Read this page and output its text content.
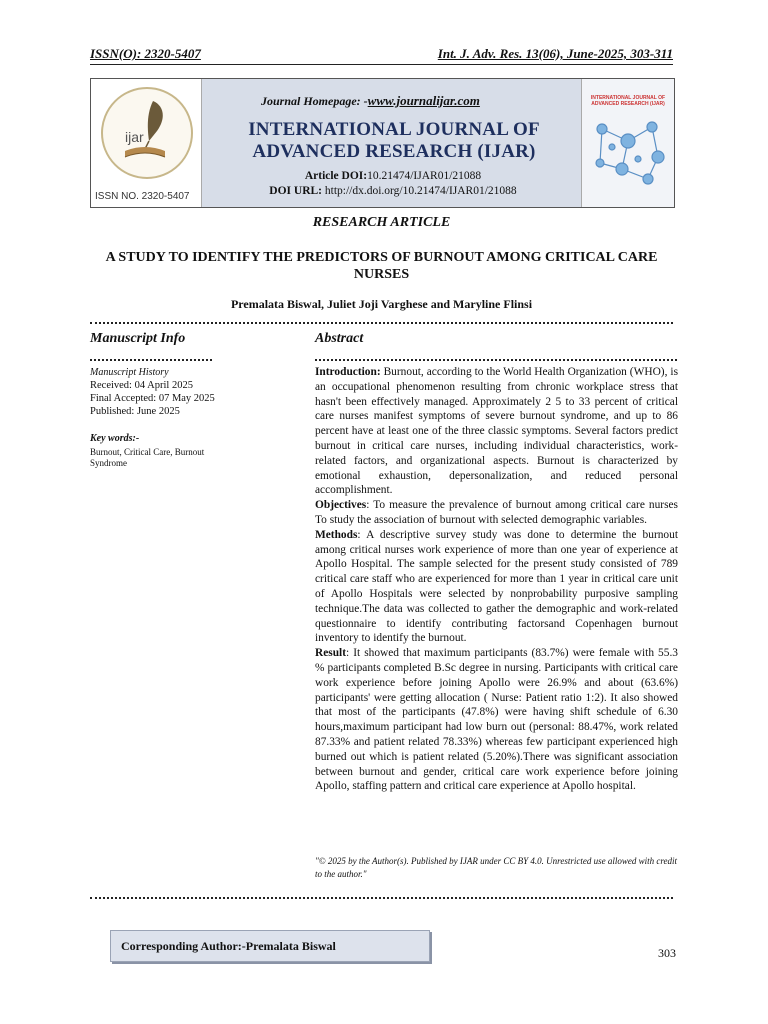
ISSN(O): 2320-5407	Int. J. Adv. Res. 13(06), June-2025, 303-311
ijar
ISSN NO. 2320-5407
Journal Homepage: -www.journalijar.com
INTERNATIONAL JOURNAL OF ADVANCED RESEARCH (IJAR)
Article DOI:10.21474/IJAR01/21088
DOI URL: http://dx.doi.org/10.21474/IJAR01/21088
INTERNATIONAL JOURNAL OF ADVANCED RESEARCH (IJAR)
RESEARCH ARTICLE
A STUDY TO IDENTIFY THE PREDICTORS OF BURNOUT AMONG CRITICAL CARE NURSES
Premalata Biswal, Juliet Joji Varghese and Maryline Flinsi
Manuscript Info
Manuscript History
Received: 04 April 2025
Final Accepted: 07 May 2025
Published: June 2025
Key words:-
Burnout, Critical Care, Burnout Syndrome
Abstract

Introduction: Burnout, according to the World Health Organization (WHO), is an occupational phenomenon resulting from chronic workplace stress that hasn't been effectively managed. Approximately 2 5 to 33 percent of critical care nurses manifest symptoms of severe burnout syndrome, and up to 86 percent have at least one of the three classic symptoms. Several factors predict burnout in critical care nurses, including individual characteristics, work-related factors, and organizational aspects. Burnout is characterized by emotional exhaustion, depersonalization, and reduced personal accomplishment.

Objectives: To measure the prevalence of burnout among critical care nurses To study the association of burnout with selected demographic variables.

Methods: A descriptive survey study was done to determine the burnout among critical nurses work experience of more than one year of experience at Apollo Hospital. The sample selected for the present study consisted of 789 critical care staff who are experienced for more than 1 year in critical care unit of Apollo Hospitals were selected by nonprobability purposive sampling technique.The data was collected to gather the demographic and work-related questionnaire to identify contributing factorsand Copenhagen burnout inventory to identify the burnout.

Result: It showed that maximum participants (83.7%) were female with 55.3 % participants completed B.Sc degree in nursing. Participants with critical care work experience before joining Apollo were 26.9% and about (63.6%) participants' were getting allocation ( Nurse: Patient ratio 1:2). It also showed that most of the participants (47.8%) were having shift schedule of 6.30 hours,maximum participant had low burn out (personal: 88.47%, work related 87.33% and patient related 78.33%) whereas few participant experienced high burned out which is patient related (5.20%).There was significant association between burnout and gender, critical care work experience before joining Apollo, staffing pattern and critical care experience at Apollo hospital.

"© 2025 by the Author(s). Published by IJAR under CC BY 4.0. Unrestricted use allowed with credit to the author."
Corresponding Author:-Premalata Biswal	303
